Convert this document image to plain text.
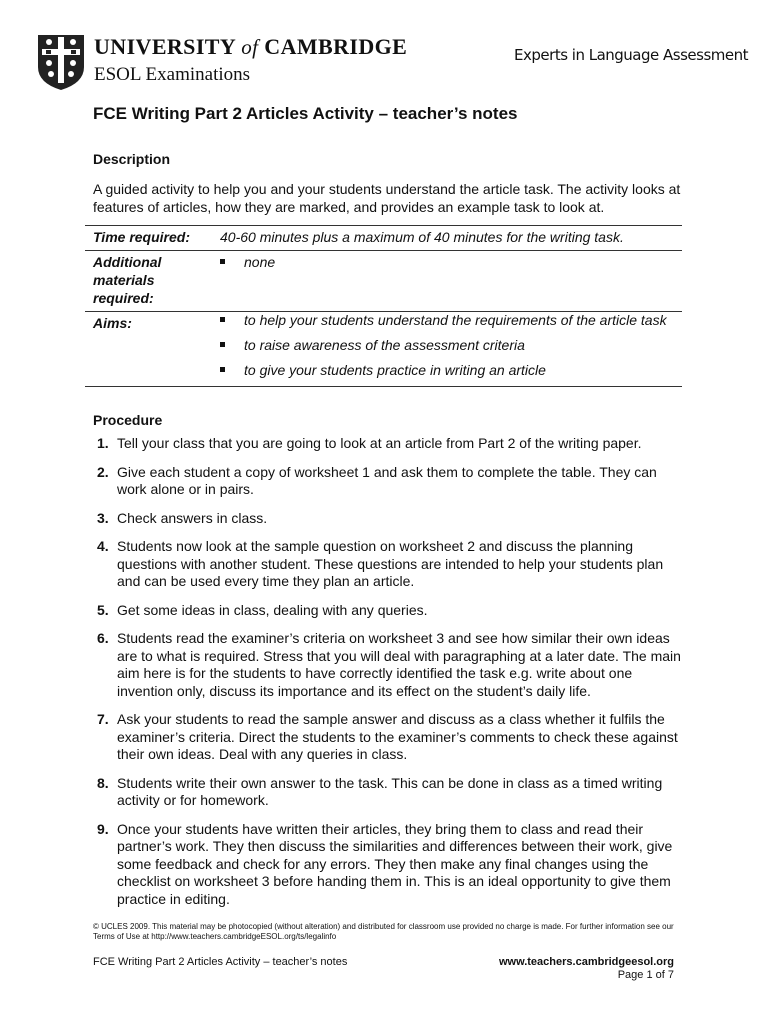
UNIVERSITY of CAMBRIDGE
ESOL Examinations
Experts in Language Assessment
FCE Writing Part 2 Articles Activity – teacher’s notes
Description
A guided activity to help you and your students understand the article task. The activity looks at features of articles, how they are marked, and provides an example task to look at.
Time required:	40-60 minutes plus a maximum of 40 minutes for the writing task.
Additional materials required:
none
Aims:	to help your students understand the requirements of the article task
to raise awareness of the assessment criteria
to give your students practice in writing an article
Procedure
1. Tell your class that you are going to look at an article from Part 2 of the writing paper.
2. Give each student a copy of worksheet 1 and ask them to complete the table. They can work alone or in pairs.
3. Check answers in class.
4. Students now look at the sample question on worksheet 2 and discuss the planning questions with another student. These questions are intended to help your students plan and can be used every time they plan an article.
5. Get some ideas in class, dealing with any queries.
6. Students read the examiner’s criteria on worksheet 3 and see how similar their own ideas are to what is required. Stress that you will deal with paragraphing at a later date. The main aim here is for the students to have correctly identified the task e.g. write about one invention only, discuss its importance and its effect on the student’s daily life.
7. Ask your students to read the sample answer and discuss as a class whether it fulfils the examiner’s criteria. Direct the students to the examiner’s comments to check these against their own ideas. Deal with any queries in class.
8. Students write their own answer to the task. This can be done in class as a timed writing activity or for homework.
9. Once your students have written their articles, they bring them to class and read their partner’s work. They then discuss the similarities and differences between their work, give some feedback and check for any errors. They then make any final changes using the checklist on worksheet 3 before handing them in. This is an ideal opportunity to give them practice in editing.
© UCLES 2009. This material may be photocopied (without alteration) and distributed for classroom use provided no charge is made. For further information see our Terms of Use at http://www.teachers.cambridgeESOL.org/ts/legalinfo
FCE Writing Part 2 Articles Activity – teacher’s notes	www.teachers.cambridgeesol.org
Page 1 of 7
